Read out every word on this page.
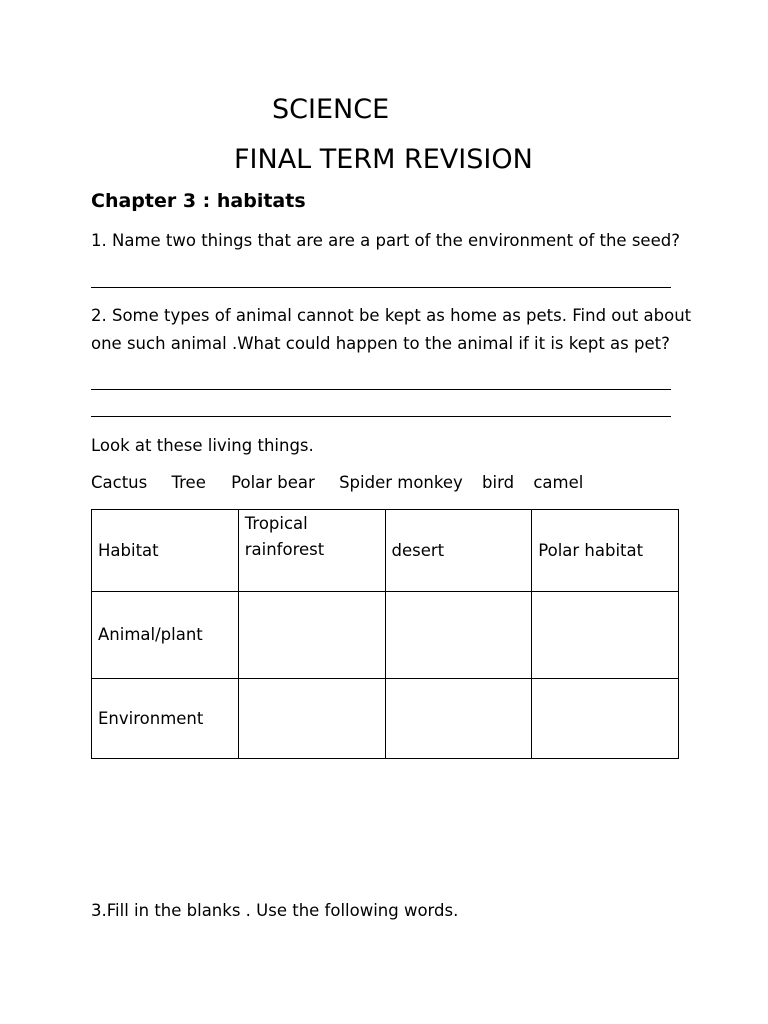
SCIENCE
FINAL TERM REVISION
Chapter 3 : habitats
1. Name two things that are are a part of the environment of the seed?
2. Some types of animal cannot be kept as home as pets. Find out about
one such animal .What could happen to the animal if it is kept as pet?
Look at these living things.
Cactus Tree Polar bear Spider monkey bird camel
Habitat	Tropical rainforest	desert	Polar habitat
Animal/plant			
Environment			
3.Fill in the blanks . Use the following words.
